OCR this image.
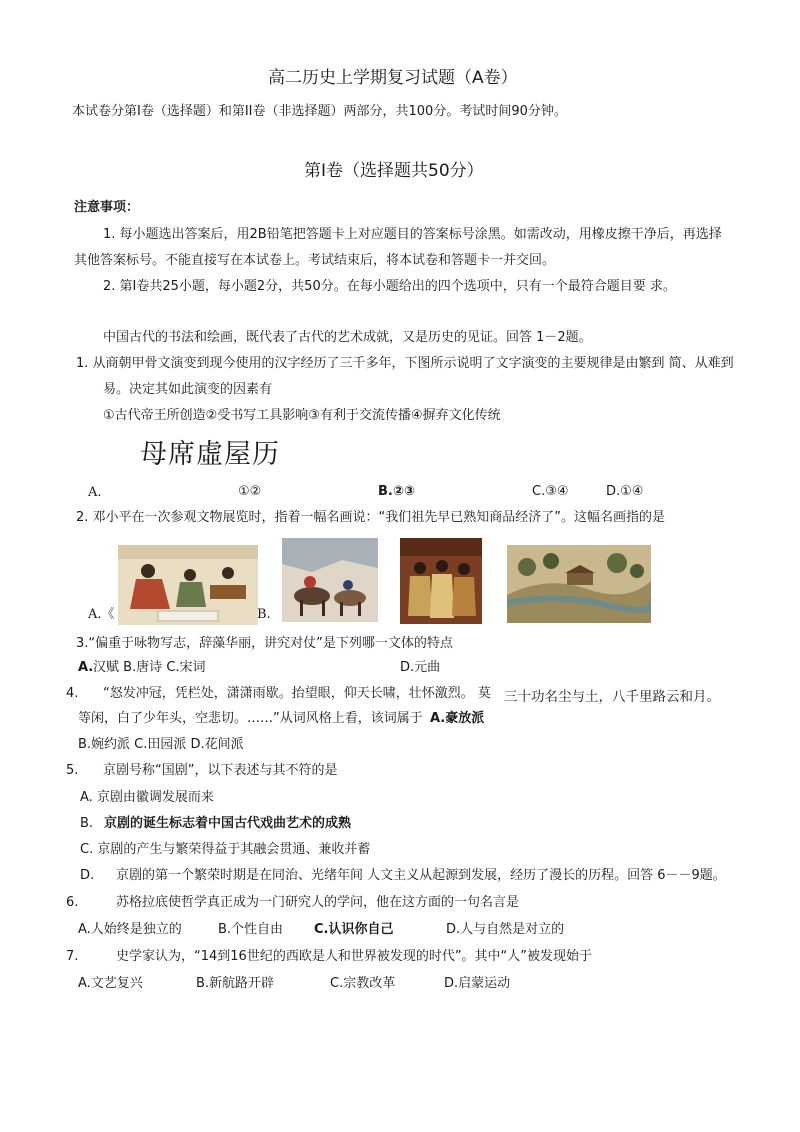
高二历史上学期复习试题（A卷）
本试卷分第I卷（选择题）和第II卷（非选择题）两部分，共100分。考试时间90分钟。
第I卷（选择题共50分）
注意事项：
1. 每小题选出答案后，用2B铅笔把答题卡上对应题目的答案标号涂黑。如需改动，用橡皮擦干净后，再选择
其他答案标号。不能直接写在本试卷上。考试结束后，将本试卷和答题卡一并交回。
2. 第I卷共25小题，每小题2分，共50分。在每小题给出的四个选项中，只有一个最符合题目要 求。
中国古代的书法和绘画，既代表了古代的艺术成就，又是历史的见证。回答 1－2题。
1. 从商朝甲骨文演变到现今使用的汉字经历了三千多年，下图所示说明了文字演变的主要规律是由繁到 简、从难到
易。决定其如此演变的因素有
①古代帝王所创造②受书写工具影响③有利于交流传播④摒弃文化传统
母席虛屋历
A.	①②	B.②③	C.③④	D.①④
2. 邓小平在一次参观文物展览时，指着一幅名画说：“我们祖先早已熟知商品经济了”。这幅名画指的是
A.《	B.
3.“偏重于咏物写志，辞藻华丽，讲究对仗”是下列哪一文体的特点
A. 汉赋 B.唐诗 C.宋词	D.元曲
4. “怒发冲冠，凭栏处，潇潇雨歇。抬望眼，仰天长啸，壮怀激烈。 莫 三十功名尘与土，八千里路云和月。
等闲，白了少年头，空悲切。……”从词风格上看，该词属于 A.豪放派
B.婉约派 C.田园派 D.花间派
5. 京剧号称“国剧”，以下表述与其不符的是
A. 京剧由徽调发展而来
B. 京剧的诞生标志着中国古代戏曲艺术的成熟
C. 京剧的产生与繁荣得益于其融会贯通、兼收并蓄
D. 京剧的第一个繁荣时期是在同治、光绪年间 人文主义从起源到发展，经历了漫长的历程。回答 6－－9题。
6.	苏格拉底使哲学真正成为一门研究人的学问，他在这方面的一句名言是
A.人始终是独立的	B.个性自由 C.认识你自己	D.人与自然是对立的
7.	史学家认为，“14到16世纪的西欧是人和世界被发现的时代”。其中“人”被发现始于
A.文艺复兴	B.新航路开辟	C.宗教改革	D.启蒙运动
